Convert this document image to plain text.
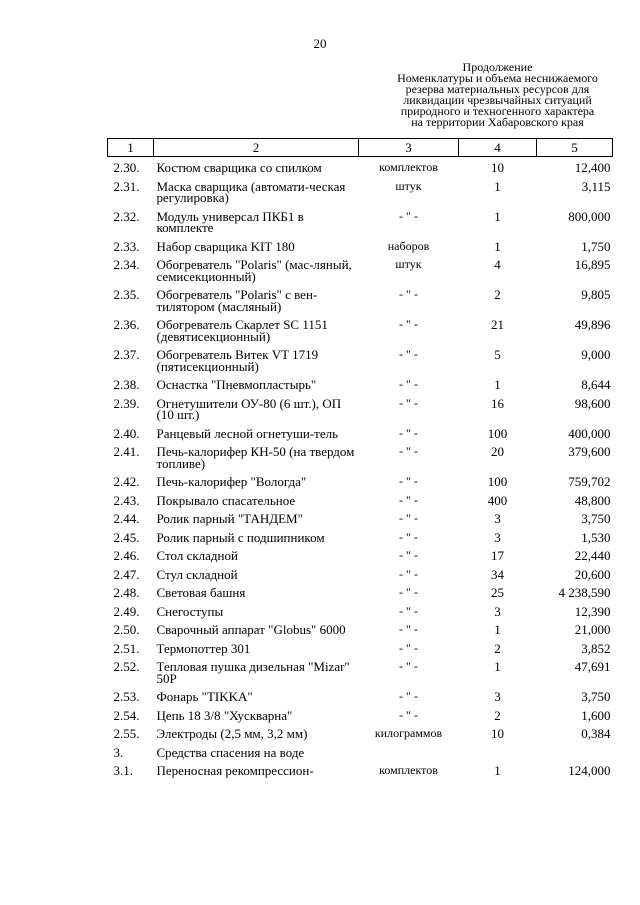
20
Продолжение
Номенклатуры и объема неснижаемого
резерва материальных ресурсов для
ликвидации чрезвычайных ситуаций
природного и техногенного характера
на территории Хабаровского края
1	2	3	4	5
2.30.	Костюм сварщика со спилком	комплектов	10	12,400
2.31.	Маска сварщика (автомати-ческая регулировка)	штук	1	3,115
2.32.	Модуль универсал ПКБ1 в комплекте	- " -	1	800,000
2.33.	Набор сварщика KIT 180	наборов	1	1,750
2.34.	Обогреватель "Polaris" (мас-ляный, семисекционный)	штук	4	16,895
2.35.	Обогреватель "Polaris" с вен-тилятором (масляный)	- " -	2	9,805
2.36.	Обогреватель Скарлет SC 1151 (девятисекционный)	- " -	21	49,896
2.37.	Обогреватель Витек VT 1719 (пятисекционный)	- " -	5	9,000
2.38.	Оснастка "Пневмопластырь"	- " -	1	8,644
2.39.	Огнетушители ОУ-80 (6 шт.), ОП (10 шт.)	- " -	16	98,600
2.40.	Ранцевый лесной огнетуши-тель	- " -	100	400,000
2.41.	Печь-калорифер КН-50 (на твердом топливе)	- " -	20	379,600
2.42.	Печь-калорифер "Вологда"	- " -	100	759,702
2.43.	Покрывало спасательное	- " -	400	48,800
2.44.	Ролик парный "ТАНДЕМ"	- " -	3	3,750
2.45.	Ролик парный с подшипником	- " -	3	1,530
2.46.	Стол складной	- " -	17	22,440
2.47.	Стул складной	- " -	34	20,600
2.48.	Световая башня	- " -	25	4 238,590
2.49.	Снегоступы	- " -	3	12,390
2.50.	Сварочный аппарат "Globus" 6000	- " -	1	21,000
2.51.	Термопоттер 301	- " -	2	3,852
2.52.	Тепловая пушка дизельная "Mizar" 50P	- " -	1	47,691
2.53.	Фонарь "TIKKA"	- " -	3	3,750
2.54.	Цепь 18 3/8 "Хускварна"	- " -	2	1,600
2.55.	Электроды (2,5 мм, 3,2 мм)	килограммов	10	0,384
3.	Средства спасения на воде			
3.1.	Переносная рекомпрессион-	комплектов	1	124,000
